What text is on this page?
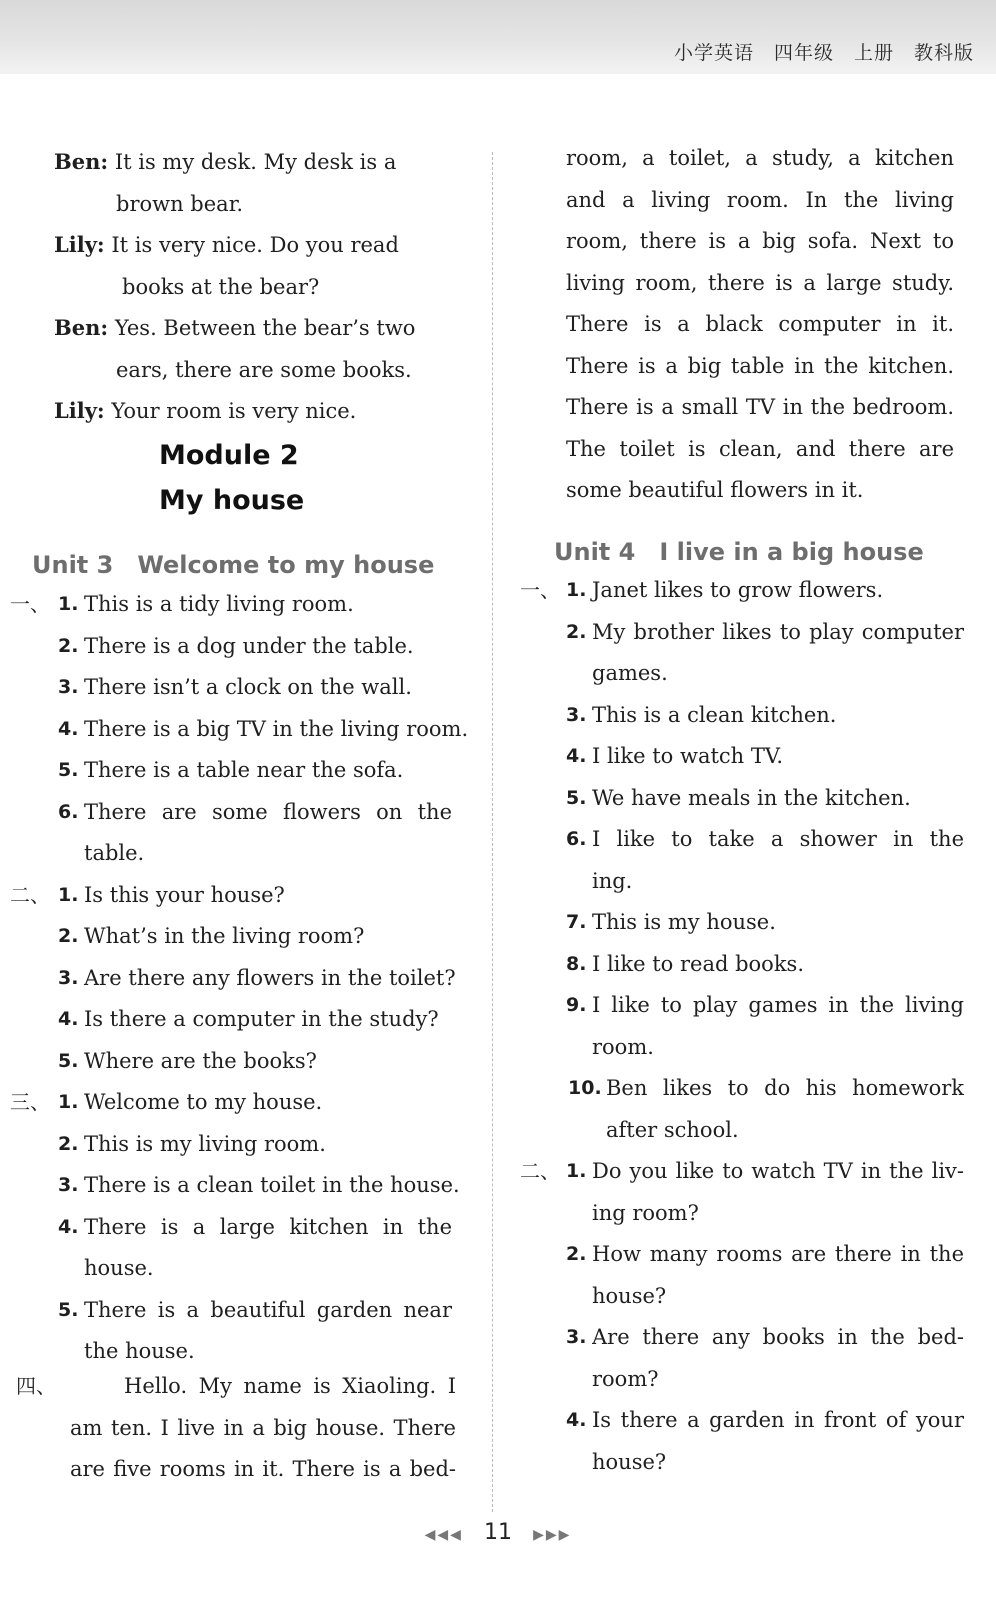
小学英语　四年级　上册　教科版
Ben: It is my desk. My desk is a
brown bear.
Lily: It is very nice. Do you read
books at the bear?
Ben: Yes. Between the bear’s two
ears, there are some books.
Lily: Your room is very nice.
Module 2
My house
Unit 3　Welcome to my house
一、 1. This is a tidy living room.
2. There is a dog under the table.
3. There isn’t a clock on the wall.
4. There is a big TV in the living room.
5. There is a table near the sofa.
6. There are some flowers on the
table.
二、 1. Is this your house?
2. What’s in the living room?
3. Are there any flowers in the toilet?
4. Is there a computer in the study?
5. Where are the books?
三、 1. Welcome to my house.
2. This is my living room.
3. There is a clean toilet in the house.
4. There is a large kitchen in the
house.
5. There is a beautiful garden near
the house.
四、	Hello. My name is Xiaoling. I
am ten. I live in a big house. There
are five rooms in it. There is a bed-
room, a toilet, a study, a kitchen
and a living room. In the living
room, there is a big sofa. Next to
living room, there is a large study.
There is a black computer in it.
There is a big table in the kitchen.
There is a small TV in the bedroom.
The toilet is clean, and there are
some beautiful flowers in it.
Unit 4　I live in a big house
一、 1. Janet likes to grow flowers.
2. My brother likes to play computer
games.
3. This is a clean kitchen.
4. I like to watch TV.
5. We have meals in the kitchen.
6. I like to take a shower in the
ing.
7. This is my house.
8. I like to read books.
9. I like to play games in the living
room.
10. Ben likes to do his homework
after school.
二、 1. Do you like to watch TV in the liv-
ing room?
2. How many rooms are there in the
house?
3. Are there any books in the bed-
room?
4. Is there a garden in front of your
house?
◀◀◀ 11 ▶▶▶
